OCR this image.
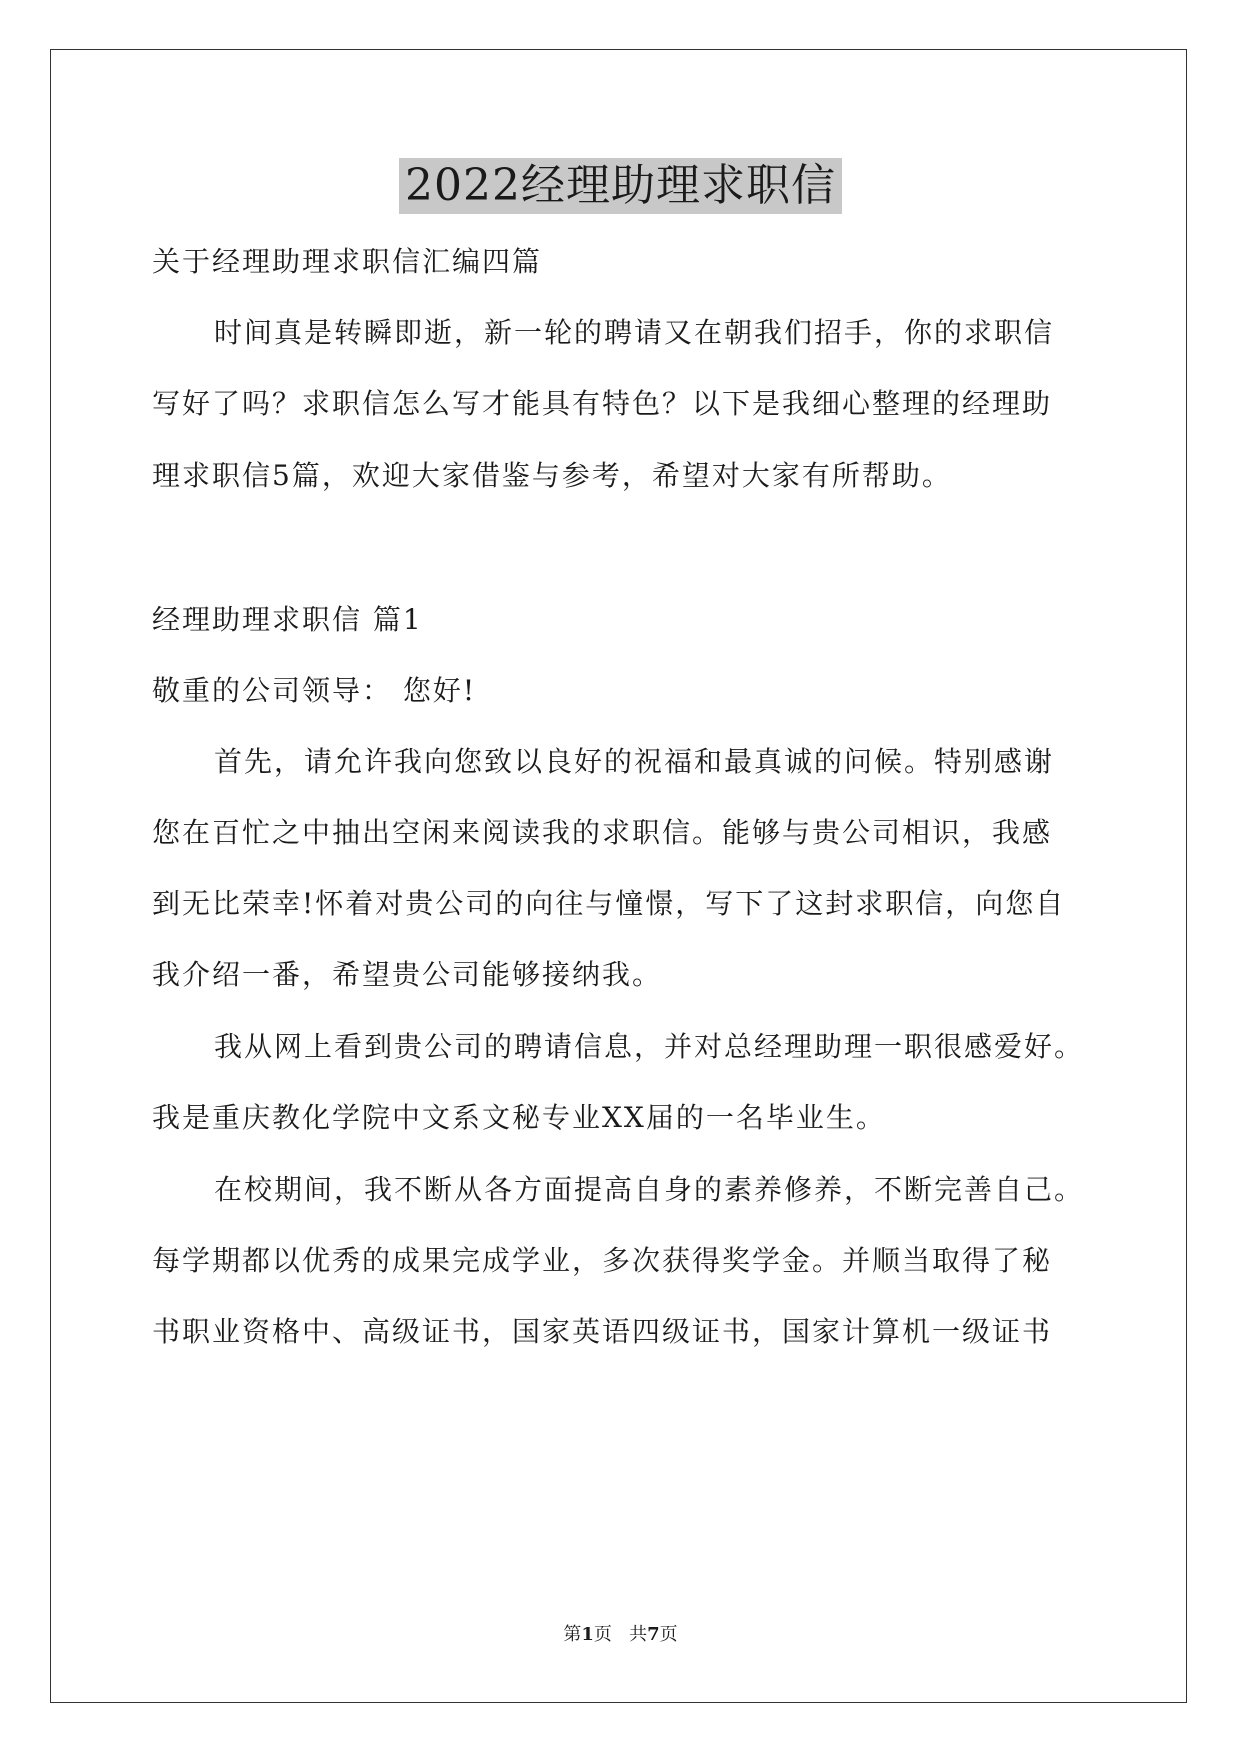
2022经理助理求职信
关于经理助理求职信汇编四篇
时间真是转瞬即逝，新一轮的聘请又在朝我们招手，你的求职信
写好了吗？求职信怎么写才能具有特色？以下是我细心整理的经理助
理求职信5篇，欢迎大家借鉴与参考，希望对大家有所帮助。
经理助理求职信 篇1
敬重的公司领导： 您好!
首先，请允许我向您致以良好的祝福和最真诚的问候。特别感谢
您在百忙之中抽出空闲来阅读我的求职信。能够与贵公司相识，我感
到无比荣幸!怀着对贵公司的向往与憧憬，写下了这封求职信，向您自
我介绍一番，希望贵公司能够接纳我。
我从网上看到贵公司的聘请信息，并对总经理助理一职很感爱好。
我是重庆教化学院中文系文秘专业XX届的一名毕业生。
在校期间，我不断从各方面提高自身的素养修养，不断完善自己。
每学期都以优秀的成果完成学业，多次获得奖学金。并顺当取得了秘
书职业资格中、高级证书，国家英语四级证书，国家计算机一级证书
第1页   共7页
